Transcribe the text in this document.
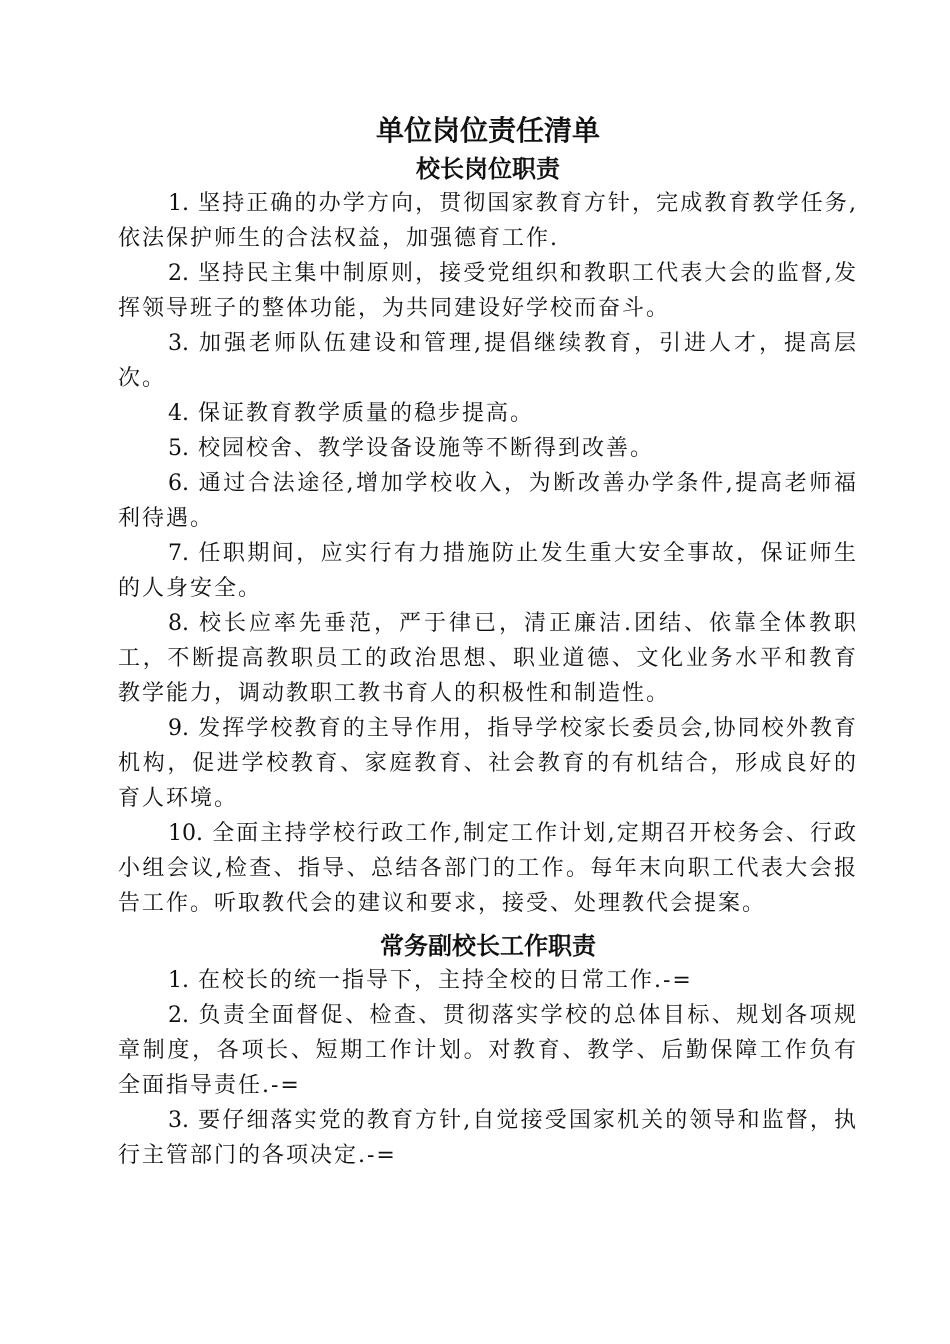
单位岗位责任清单
校长岗位职责

1. 坚持正确的办学方向，贯彻国家教育方针，完成教育教学任务,依法保护师生的合法权益，加强德育工作.

2. 坚持民主集中制原则，接受党组织和教职工代表大会的监督,发挥领导班子的整体功能，为共同建设好学校而奋斗。

3. 加强老师队伍建设和管理,提倡继续教育，引进人才，提高层次。

4. 保证教育教学质量的稳步提高。

5. 校园校舍、教学设备设施等不断得到改善。

6. 通过合法途径,增加学校收入，为断改善办学条件,提高老师福利待遇。

7. 任职期间，应实行有力措施防止发生重大安全事故，保证师生的人身安全。

8. 校长应率先垂范，严于律已，清正廉洁.团结、依靠全体教职工，不断提高教职员工的政治思想、职业道德、文化业务水平和教育教学能力，调动教职工教书育人的积极性和制造性。

9. 发挥学校教育的主导作用，指导学校家长委员会,协同校外教育机构，促进学校教育、家庭教育、社会教育的有机结合，形成良好的育人环境。

10. 全面主持学校行政工作,制定工作计划,定期召开校务会、行政小组会议,检查、指导、总结各部门的工作。每年末向职工代表大会报告工作。听取教代会的建议和要求，接受、处理教代会提案。

常务副校长工作职责

1. 在校长的统一指导下，主持全校的日常工作.-=

2. 负责全面督促、检查、贯彻落实学校的总体目标、规划各项规章制度，各项长、短期工作计划。对教育、教学、后勤保障工作负有全面指导责任.-=

3. 要仔细落实党的教育方针,自觉接受国家机关的领导和监督，执行主管部门的各项决定.-=
